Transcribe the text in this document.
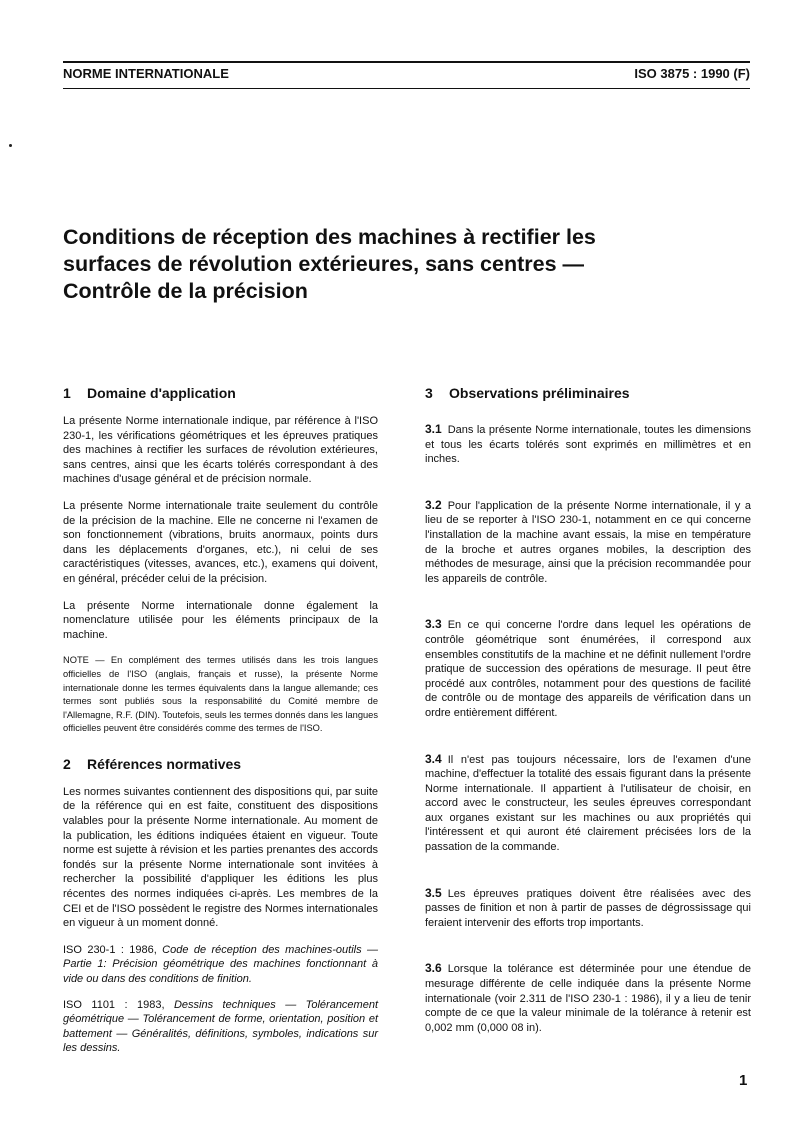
NORME INTERNATIONALE	ISO 3875 : 1990 (F)
Conditions de réception des machines à rectifier les
surfaces de révolution extérieures, sans centres —
Contrôle de la précision
1 Domaine d'application

La présente Norme internationale indique, par référence à l'ISO 230-1, les vérifications géométriques et les épreuves pratiques des machines à rectifier les surfaces de révolution extérieures, sans centres, ainsi que les écarts tolérés correspondant à des machines d'usage général et de précision normale.

La présente Norme internationale traite seulement du contrôle de la précision de la machine. Elle ne concerne ni l'examen de son fonctionnement (vibrations, bruits anormaux, points durs dans les déplacements d'organes, etc.), ni celui de ses caractéristiques (vitesses, avances, etc.), examens qui doivent, en général, précéder celui de la précision.

La présente Norme internationale donne également la nomenclature utilisée pour les éléments principaux de la machine.

NOTE — En complément des termes utilisés dans les trois langues officielles de l'ISO (anglais, français et russe), la présente Norme internationale donne les termes équivalents dans la langue allemande; ces termes sont publiés sous la responsabilité du Comité membre de l'Allemagne, R.F. (DIN). Toutefois, seuls les termes donnés dans les langues officielles peuvent être considérés comme des termes de l'ISO.

2 Références normatives

Les normes suivantes contiennent des dispositions qui, par suite de la référence qui en est faite, constituent des dispositions valables pour la présente Norme internationale. Au moment de la publication, les éditions indiquées étaient en vigueur. Toute norme est sujette à révision et les parties prenantes des accords fondés sur la présente Norme internationale sont invitées à rechercher la possibilité d'appliquer les éditions les plus récentes des normes indiquées ci-après. Les membres de la CEI et de l'ISO possèdent le registre des Normes internationales en vigueur à un moment donné.

ISO 230-1 : 1986, Code de réception des machines-outils — Partie 1: Précision géométrique des machines fonctionnant à vide ou dans des conditions de finition.

ISO 1101 : 1983, Dessins techniques — Tolérancement géométrique — Tolérancement de forme, orientation, position et battement — Généralités, définitions, symboles, indications sur les dessins.

3 Observations préliminaires

3.1 Dans la présente Norme internationale, toutes les dimensions et tous les écarts tolérés sont exprimés en millimètres et en inches.

3.2 Pour l'application de la présente Norme internationale, il y a lieu de se reporter à l'ISO 230-1, notamment en ce qui concerne l'installation de la machine avant essais, la mise en température de la broche et autres organes mobiles, la description des méthodes de mesurage, ainsi que la précision recommandée pour les appareils de contrôle.

3.3 En ce qui concerne l'ordre dans lequel les opérations de contrôle géométrique sont énumérées, il correspond aux ensembles constitutifs de la machine et ne définit nullement l'ordre pratique de succession des opérations de mesurage. Il peut être procédé aux contrôles, notamment pour des questions de facilité de contrôle ou de montage des appareils de vérification dans un ordre entièrement différent.

3.4 Il n'est pas toujours nécessaire, lors de l'examen d'une machine, d'effectuer la totalité des essais figurant dans la présente Norme internationale. Il appartient à l'utilisateur de choisir, en accord avec le constructeur, les seules épreuves correspondant aux organes existant sur les machines ou aux propriétés qui l'intéressent et qui auront été clairement précisées lors de la passation de la commande.

3.5 Les épreuves pratiques doivent être réalisées avec des passes de finition et non à partir de passes de dégrossissage qui feraient intervenir des efforts trop importants.

3.6 Lorsque la tolérance est déterminée pour une étendue de mesurage différente de celle indiquée dans la présente Norme internationale (voir 2.311 de l'ISO 230-1 : 1986), il y a lieu de tenir compte de ce que la valeur minimale de la tolérance à retenir est 0,002 mm (0,000 08 in).

1
